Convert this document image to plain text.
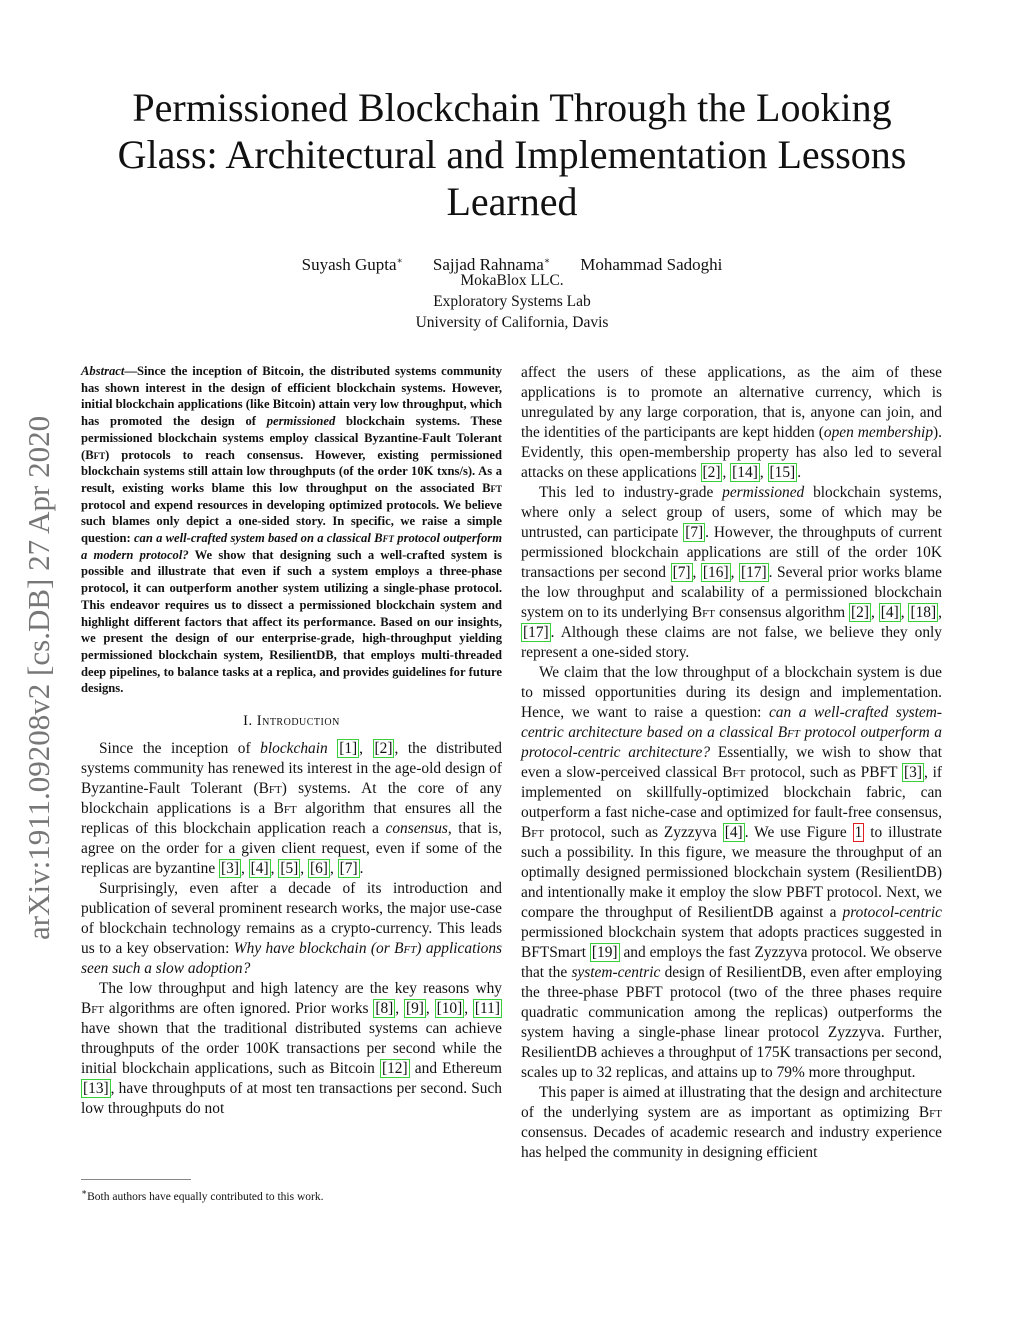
arXiv:1911.09208v2 [cs.DB] 27 Apr 2020
Permissioned Blockchain Through the Looking Glass: Architectural and Implementation Lessons Learned
Suyash Gupta∗ Sajjad Rahnama∗ Mohammad Sadoghi
MokaBlox LLC.
Exploratory Systems Lab
University of California, Davis
Abstract—Since the inception of Bitcoin, the distributed systems community has shown interest in the design of efficient blockchain systems. However, initial blockchain applications (like Bitcoin) attain very low throughput, which has promoted the design of permissioned blockchain systems. These permissioned blockchain systems employ classical Byzantine-Fault Tolerant (Bft) protocols to reach consensus. However, existing permissioned blockchain systems still attain low throughputs (of the order 10K txns/s). As a result, existing works blame this low throughput on the associated Bft protocol and expend resources in developing optimized protocols. We believe such blames only depict a one-sided story. In specific, we raise a simple question: can a well-crafted system based on a classical Bft protocol outperform a modern protocol? We show that designing such a well-crafted system is possible and illustrate that even if such a system employs a three-phase protocol, it can outperform another system utilizing a single-phase protocol. This endeavor requires us to dissect a permissioned blockchain system and highlight different factors that affect its performance. Based on our insights, we present the design of our enterprise-grade, high-throughput yielding permissioned blockchain system, ResilientDB, that employs multi-threaded deep pipelines, to balance tasks at a replica, and provides guidelines for future designs.
I. Introduction

Since the inception of blockchain [1] , [2] , the distributed systems community has renewed its interest in the age-old design of Byzantine-Fault Tolerant (Bft) systems. At the core of any blockchain applications is a Bft algorithm that ensures all the replicas of this blockchain application reach a consensus, that is, agree on the order for a given client request, even if some of the replicas are byzantine [3] , [4] , [5] , [6] , [7] .

Surprisingly, even after a decade of its introduction and publication of several prominent research works, the major use-case of blockchain technology remains as a crypto-currency. This leads us to a key observation: Why have blockchain (or Bft) applications seen such a slow adoption?

The low throughput and high latency are the key reasons why Bft algorithms are often ignored. Prior works [8] , [9] , [10] , [11] have shown that the traditional distributed systems can achieve throughputs of the order 100K transactions per second while the initial blockchain applications, such as Bitcoin [12] and Ethereum [13] , have throughputs of at most ten transactions per second. Such low throughputs do not

affect the users of these applications, as the aim of these applications is to promote an alternative currency, which is unregulated by any large corporation, that is, anyone can join, and the identities of the participants are kept hidden (open membership). Evidently, this open-membership property has also led to several attacks on these applications [2] , [14] , [15] .

This led to industry-grade permissioned blockchain systems, where only a select group of users, some of which may be untrusted, can participate [7] . However, the throughputs of current permissioned blockchain applications are still of the order 10K transactions per second [7] , [16] , [17] . Several prior works blame the low throughput and scalability of a permissioned blockchain system on to its underlying Bft consensus algorithm [2] , [4] , [18] , [17] . Although these claims are not false, we believe they only represent a one-sided story.

We claim that the low throughput of a blockchain system is due to missed opportunities during its design and implementation. Hence, we want to raise a question: can a well-crafted system-centric architecture based on a classical Bft protocol outperform a protocol-centric architecture? Essentially, we wish to show that even a slow-perceived classical Bft protocol, such as PBFT [3] , if implemented on skillfully-optimized blockchain fabric, can outperform a fast niche-case and optimized for fault-free consensus, Bft protocol, such as Zyzzyva [4] . We use Figure 1 to illustrate such a possibility. In this figure, we measure the throughput of an optimally designed permissioned blockchain system (ResilientDB) and intentionally make it employ the slow PBFT protocol. Next, we compare the throughput of ResilientDB against a protocol-centric permissioned blockchain system that adopts practices suggested in BFTSmart [19] and employs the fast Zyzzyva protocol. We observe that the system-centric design of ResilientDB, even after employing the three-phase PBFT protocol (two of the three phases require quadratic communication among the replicas) outperforms the system having a single-phase linear protocol Zyzzyva. Further, ResilientDB achieves a throughput of 175K transactions per second, scales up to 32 replicas, and attains up to 79% more throughput.

This paper is aimed at illustrating that the design and architecture of the underlying system are as important as optimizing Bft consensus. Decades of academic research and industry experience has helped the community in designing efficient

∗Both authors have equally contributed to this work.
